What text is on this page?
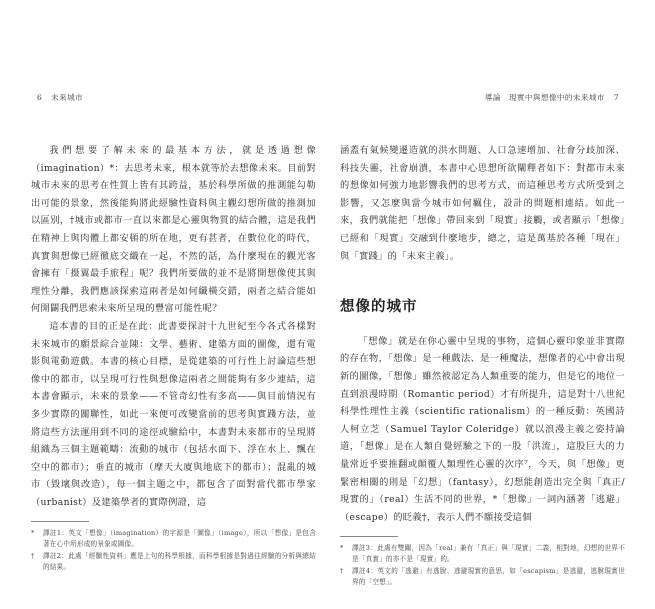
6 未來城市

我們想要了解未來的最基本方法，就是透過想像（imagination）*：去思考未來，根本就等於去想像未來。目前對城市未來的思考在性質上皆有其跨益，基於科學所做的推測能勾勒出可能的景象，然後能夠將此經驗性資料與主觀幻想所做的推測加以區別，†城市或都市一直以來都是心靈與物質的結合體，這是我們在精神上與肉體上都安頓的所在地，更有甚者，在數位化的時代，真實與想像已經徹底交織在一起，不然的話，為什麼現在的觀光客會擁有「摄翼最手旅程」呢？我們所要做的並不是將開想像使其與理性分離，我們應該探索這兩者是如何纖橫交錯，兩者之結合能如何開闢我們思索未來所呈現的豐富可能性呢？

這本書的目的正是在此：此書要探討十九世紀至今各式各樣對未來城市的願景綜合並陳：文學、藝術、建築方面的圖像，還有電影與電動遊戲。本書的核心目標，是從建築的可行性上討論這些想像中的都市，以呈現可行性與想像這兩者之間能夠有多少連結，這本書會顯示，未來的景象——不管奇幻性有多高——與目前情況有多少實際的關聯性，如此一來便可改變當前的思考與實踐方法，並將這些方法運用到不同的途徑或驗給中，本書對未來都市的呈現將組織為三個主題範疇：流動的城市（包括水面下、浮在水上、飄在空中的都市）；垂直的城市（摩天大廈與地底下的都市）；混亂的城市（毀壞與改造），每一個主題之中，都包含了面對當代都市學家（urbanist）及建築學者的實際例證，這

*	譯註1：英文「想像」（imagination）的字源是「圖像」（image），所以「想像」是包含著在心中所形成的景象或圖像。
†	譯註2：此處「經驗性資料」應是上句的科學根據，而科學根據是對過往經驗的分析與總結的結果。
導論　現實中與想像中的未來城市 7

涵蓋有氣候變遷造就的洪水問題、人口急速增加、社會分歧加深、科技失靈，社會崩潰，本書中心思想所欲闡釋者如下：對都市未來的想像如何強力地影響我們的思考方式，而這種思考方式所受到之影響，又怎麼與當今城市如何羈住，設計的問題相連結。如此一來，我們就能把「想像」帶回來到「現實」接觸，或者顯示「想像」已經和「現實」交融到什麼地步，總之，這是萬基於各種「現在」與「實踐」的「未來主義」。

想像的城市

「想像」就是在你心靈中呈現的事物，這個心靈印象並非實際的存在物，「想像」是一種戲法、是一種魔法，想像者的心中會出現新的圖像，「想像」雖然被認定為人類重要的能力，但是它的地位一直到浪漫時期（Romantic period）才有所提升，這是對十八世紀科學性理性主義（scientific rationalism）的一種反動：英國詩人柯立芝（Samuel Taylor Coleridge）就以浪漫主義之姿持論道，「想像」是在人類自覺經驗之下的一股「洪流」，這股巨大的力量常近乎要推翻或顛覆人類理性心靈的次序⁷，今天，與「想像」更緊密相關的則是「幻想」（fantasy），幻想能創造出完全與「真正/現實的」（real）生活不同的世界，*「想像」一詞內涵著「逃避」（escape）的眨義†，表示人們不願接受這個

*	譯註3：此處有雙關，因為「real」兼有「真正」與「現實」二義，相對地，幻想的世界不是「真實」的亦不是「現實」的。
†	譯註4：英文的「逃避」有逃脫、逃避現實的意思，如「escapism」是逃避，逃脫現實世界的「空想」。
